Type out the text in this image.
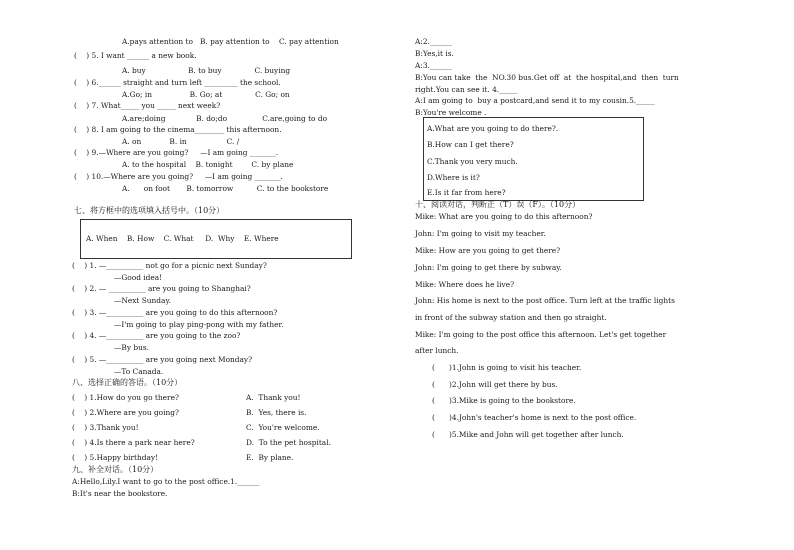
A.pays attention to   B. pay attention to    C. pay attention
(    ) 5. I want ______ a new book.
A. buy                  B. to buy              C. buying
(    ) 6.______ straight and turn left _________ the school.
A.Go; in                B. Go; at              C. Go; on
(    ) 7. What_____ you _____ next week?
A.are;doing             B. do;do               C.are,going to do
(    ) 8. I am going to the cinema________ this afternoon.
A. on            B. in                 C. /
(    ) 9.—Where are you going?     —I am going _______.
A. to the hospital    B. tonight        C. by plane
(    ) 10.—Where are you going?     —I am going _______.
A.      on foot       B. tomorrow          C. to the bookstore
七、将方框中的选项填入括号中。（10分）
A. When    B. How    C. What     D.  Why    E. Where
(    ) 1. —__________ not go for a picnic next Sunday?
—Good idea!
(    ) 2. — __________ are you going to Shanghai?
—Next Sunday.
(    ) 3. —__________ are you going to do this afternoon?
—I'm going to play ping-pong with my father.
(    ) 4. —__________ are you going to the zoo?
—By bus.
(    ) 5. —__________ are you going next Monday?
—To Canada.
八、选择正确的答语。（10分）
(    ) 1.How do you go there?	A.  Thank you!
(    ) 2.Where are you going?	B.  Yes, there is.
(    ) 3.Thank you!	C.  You're welcome.
(    ) 4.Is there a park near here?	D.  To the pet hospital.
(    ) 5.Happy birthday!	E.  By plane.
九、补全对话。（10分）
A:Hello,Lily.I want to go to the post office.1.______
B:It's near the bookstore.
A:2.______
B:Yes,it is.
A:3.______
B:You can take  the  NO.30 bus.Get off  at  the hospital,and  then  turn
right.You can see it. 4._____
A:I am going to  buy a postcard,and send it to my cousin.5._____
B:You're welcome .
A.What are you going to do there?.
B.How can I get there?
C.Thank you very much.
D.Where is it?
E.Is it far from here?
十、阅读对话，判断正（T）误（F）。（10分）
Mike: What are you going to do this afternoon?
John: I'm going to visit my teacher.
Mike: How are you going to get there?
John: I'm going to get there by subway.
Mike: Where does he live?
John: His home is next to the post office. Turn left at the traffic lights
in front of the subway station and then go straight.
Mike: I'm going to the post office this afternoon. Let's get together
after lunch.
(      )1.John is going to visit his teacher.
(      )2.John will get there by bus.
(      )3.Mike is going to the bookstore.
(      )4.John's teacher's home is next to the post office.
(      )5.Mike and John will get together after lunch.
